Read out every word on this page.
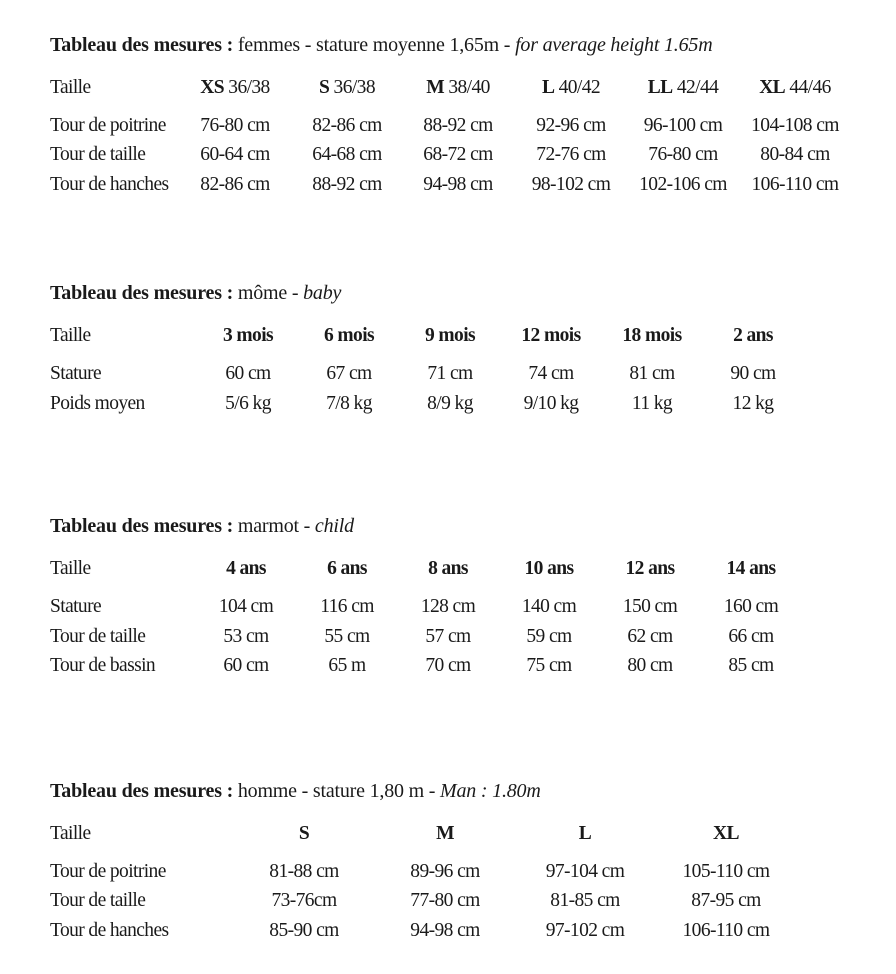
Tableau des mesures : femmes - stature moyenne 1,65m - for average height 1.65m
Taille	XS 36/38	S 36/38	M 38/40	L 40/42 LL 42/44 XL 44/46
Tour de poitrine 76-80 cm 82-86 cm 88-92 cm 92-96 cm 96-100 cm 104-108 cm
Tour de taille	60-64 cm 64-68 cm 68-72 cm 72-76 cm 76-80 cm 80-84 cm
Tour de hanches 82-86 cm 88-92 cm 94-98 cm 98-102 cm 102-106 cm 106-110 cm
Tableau des mesures : môme - baby
Taille	3 mois	6 mois	9 mois 12 mois 18 mois	2 ans
Stature	60 cm	67 cm	71 cm	74 cm	81 cm	90 cm
Poids moyen	5/6 kg	7/8 kg	8/9 kg	9/10 kg	11 kg	12 kg
Tableau des mesures : marmot - child
Taille	4 ans	6 ans	8 ans	10 ans	12 ans	14 ans
Stature	104 cm 116 cm 128 cm 140 cm 150 cm 160 cm
Tour de taille	53 cm	55 cm	57 cm	59 cm	62 cm	66 cm
Tour de bassin	60 cm	65 m	70 cm	75 cm	80 cm	85 cm
Tableau des mesures : homme - stature 1,80 m - Man : 1.80m
Taille	S	M	L	XL
Tour de poitrine	81-88 cm	89-96 cm	97-104 cm	105-110 cm
Tour de taille	73-76cm	77-80 cm	81-85 cm	87-95 cm
Tour de hanches	85-90 cm	94-98 cm	97-102 cm	106-110 cm
